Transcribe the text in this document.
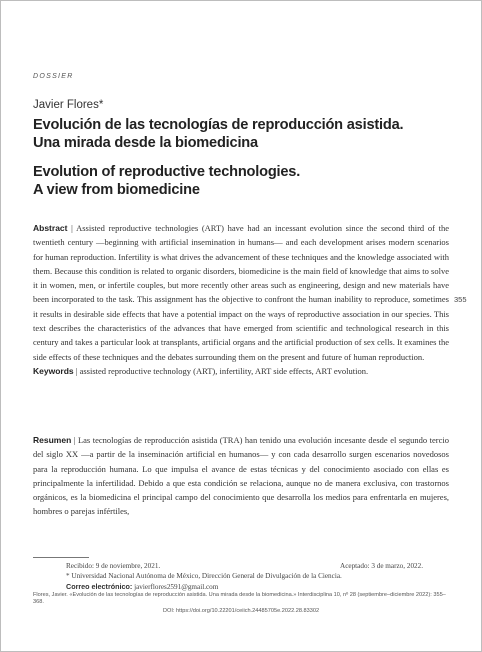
DOSSIER
Javier Flores*
Evolución de las tecnologías de reproducción asistida.
Una mirada desde la biomedicina
Evolution of reproductive technologies.
A view from biomedicine
Abstract | Assisted reproductive technologies (ART) have had an incessant evolution since the second third of the twentieth century —beginning with artificial insemination in humans— and each development arises modern scenarios for human reproduction. Infertility is what drives the advancement of these techniques and the knowledge associated with them. Because this condition is related to organic disorders, biomedicine is the main field of knowledge that aims to solve it in women, men, or infertile couples, but more recently other areas such as engineering, design and new materials have been incorporated to the task. This assignment has the objective to confront the human inability to reproduce, sometimes it results in desirable side effects that have a potential impact on the ways of reproductive association in our species. This text describes the characteristics of the advances that have emerged from scientific and technological research in this century and takes a particular look at transplants, artificial organs and the artificial production of sex cells. It examines the side effects of these techniques and the debates surrounding them on the present and future of human reproduction.
Keywords | assisted reproductive technology (ART), infertility, ART side effects, ART evolution.
Resumen | Las tecnologías de reproducción asistida (TRA) han tenido una evolución incesante desde el segundo tercio del siglo XX —a partir de la inseminación artificial en humanos— y con cada desarrollo surgen escenarios novedosos para la reproducción humana. Lo que impulsa el avance de estas técnicas y del conocimiento asociado con ellas es principalmente la infertilidad. Debido a que esta condición se relaciona, aunque no de manera exclusiva, con trastornos orgánicos, es la biomedicina el principal campo del conocimiento que desarrolla los medios para enfrentarla en mujeres, hombres o parejas infértiles,
355
Recibido: 9 de noviembre, 2021.	Aceptado: 3 de marzo, 2022.
* Universidad Nacional Autónoma de México, Dirección General de Divulgación de la Ciencia.
Correo electrónico: javierflores2591@gmail.com
Flores, Javier. «Evolución de las tecnologías de reproducción asistida. Una mirada desde la biomedicina.» Interdisciplina 10, nº 28 (septiembre–diciembre 2022): 355–368.
DOI: https://doi.org/10.22201/ceiich.24485705e.2022.28.83302
